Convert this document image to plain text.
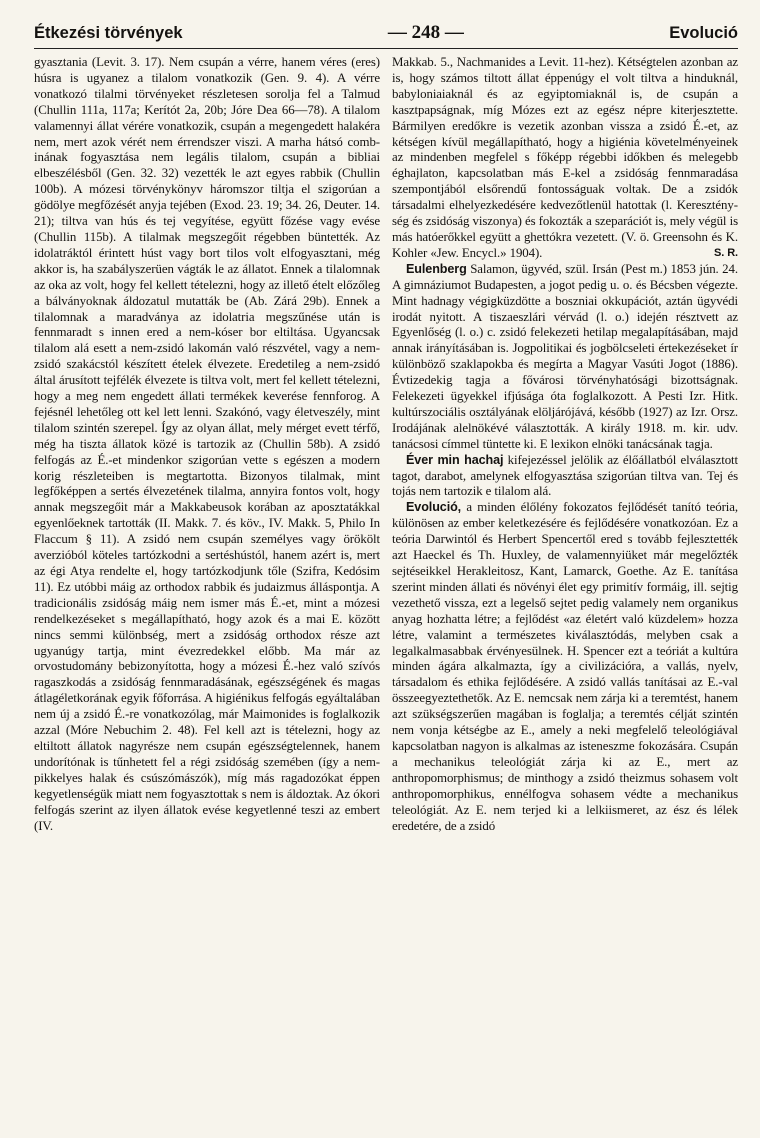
Étkezési törvények	— 248 —	Evolució

gyasztania (Levit. 3. 17). Nem csupán a vérre, hanem véres (eres) húsra is ugyanez a tilalom vonatkozik (Gen. 9. 4). A vérre vonatkozó tilalmi törvényeket részletesen sorolja fel a Talmud (Chullin 111a, 117a; Kerítót 2a, 20b; Jóre Dea 66—78). A tilalom valamennyi állat vérére vonatkozik, csupán a megengedett halakéra nem, mert azok vérét nem érrendszer viszi. A marha hátsó comb-inának fogyasztása nem legális tilalom, csupán a bibliai elbeszélésből (Gen. 32. 32) vezették le azt egyes rabbik (Chullin 100b). A mózesi törvénykönyv háromszor tiltja el szigorúan a gödölye megfőzését anyja tejében (Exod. 23. 19; 34. 26, Deuter. 14. 21); tiltva van hús és tej vegyítése, együtt főzése vagy evése (Chullin 115b). A tilalmak megszegőit régebben büntették. Az idolatráktól érintett húst vagy bort tilos volt elfogyasztani, még akkor is, ha szabályszerüen vágták le az állatot. Ennek a tilalomnak az oka az volt, hogy fel kellett tételezni, hogy az illető ételt előzőleg a bálványoknak áldozatul mutatták be (Ab. Zárá 29b). Ennek a tilalomnak a maradványa az idolatria megszűnése után is fennmaradt s innen ered a nem-kóser bor eltiltása. Ugyancsak tilalom alá esett a nem-zsidó lakomán való részvétel, vagy a nem-zsidó szakácstól készített ételek élvezete. Eredetileg a nem-zsidó által árusított tejfélék élvezete is tiltva volt, mert fel kellett tételezni, hogy a meg nem engedett állati termékek keverése fennforog. A fejésnél lehetőleg ott kel lett lenni. Szakónó, vagy életveszély, mint tilalom szintén szerepel. Így az olyan állat, mely mérget evett térfő, még ha tiszta állatok közé is tartozik az (Chullin 58b). A zsidó felfogás az É.-et mindenkor szigorúan vette s egészen a modern korig részleteiben is megtartotta. Bizonyos tilalmak, mint legfőképpen a sertés élvezetének tilalma, annyira fontos volt, hogy annak megszegőit már a Makkabeusok korában az aposztatákkal egyenlőeknek tartották (II. Makk. 7. és köv., IV. Makk. 5, Philo In Flaccum § 11). A zsidó nem csupán személyes vagy örökölt averzióból köteles tartózkodni a sertéshústól, hanem azért is, mert az égi Atya rendelte el, hogy tartózkodjunk tőle (Szifra, Kedósim 11). Ez utóbbi máig az orthodox rabbik és judaizmus álláspontja. A tradicionális zsidóság máig nem ismer más É.-et, mint a mózesi rendelkezéseket s megállapítható, hogy azok és a mai E. között nincs semmi különbség, mert a zsidóság orthodox része azt ugyanúgy tartja, mint évezredekkel előbb. Ma már az orvostudomány bebizonyította, hogy a mózesi É.-hez való szívós ragaszkodás a zsidóság fennmaradásának, egészségének és magas átlagéletkorának egyik főforrása. A higiénikus felfogás egyáltalában nem új a zsidó É.-re vonatkozólag, már Maimonides is foglalkozik azzal (Móre Nebuchim 2. 48). Fel kell azt is tételezni, hogy az eltiltott állatok nagyrésze nem csupán egészségtelennek, hanem undorítónak is tűnhetett fel a régi zsidóság szemében (így a nem-pikkelyes halak és csúszómászók), míg más ragadozókat éppen kegyetlenségük miatt nem fogyasztottak s nem is áldoztak. Az ókori felfogás szerint az ilyen állatok evése kegyetlenné teszi az embert (IV.

Makkab. 5., Nachmanides a Levit. 11-hez). Kétségtelen azonban az is, hogy számos tiltott állat éppenúgy el volt tiltva a hinduknál, babyloniaiaknál és az egyiptomiaknál is, de csupán a kasztpapságnak, míg Mózes ezt az egész népre kiterjesztette. Bármilyen eredőkre is vezetik azonban vissza a zsidó É.-et, az kétségen kívül megállapítható, hogy a higiénia követelményeinek az mindenben megfelel s főképp régebbi időkben és melegebb éghajlaton, kapcsolatban más E-kel a zsidóság fennmaradása szempontjából elsőrendű fontosságuak voltak. De a zsidók társadalmi elhelyezkedésére kedvezőtlenül hatottak (l. Kereszténység és zsidóság viszonya) és fokozták a szeparációt is, mely végül is más hatóerőkkel együtt a ghettókra vezetett. (V. ö. Greensohn és K. Kohler «Jew. Encycl.» 1904).	S. R.

Eulenberg Salamon, ügyvéd, szül. Irsán (Pest m.) 1853 jún. 24. A gimnáziumot Budapesten, a jogot pedig u. o. és Bécsben végezte. Mint hadnagy végigküzdötte a boszniai okkupációt, aztán ügyvédi irodát nyitott. A tiszaeszlári vérvád (l. o.) idején résztvett az Egyenlőség (l. o.) c. zsidó felekezeti hetilap megalapításában, majd annak irányításában is. Jogpolitikai és jogbölcseleti értekezéseket ír különböző szaklapokba és megírta a Magyar Vasúti Jogot (1886). Évtizedekig tagja a fővárosi törvényhatósági bizottságnak. Felekezeti ügyekkel ifjúsága óta foglalkozott. A Pesti Izr. Hitk. kultúrszociális osztályának elöljárójává, később (1927) az Izr. Orsz. Irodájának alelnökévé választották. A király 1918. m. kir. udv. tanácsosi címmel tüntette ki. E lexikon elnöki tanácsának tagja.

Éver min hachaj kifejezéssel jelölik az élőállatból elválasztott tagot, darabot, amelynek elfogyasztása szigorúan tiltva van. Tej és tojás nem tartozik e tilalom alá.

Evolució, a minden élőlény fokozatos fejlődését tanító teória, különösen az ember keletkezésére és fejlődésére vonatkozóan. Ez a teória Darwintól és Herbert Spencertől ered s tovább fejlesztették azt Haeckel és Th. Huxley, de valamennyiüket már megelőzték sejtéseikkel Herakleitosz, Kant, Lamarck, Goethe. Az E. tanítása szerint minden állati és növényi élet egy primitív formáig, ill. sejtig vezethető vissza, ezt a legelső sejtet pedig valamely nem organikus anyag hozhatta létre; a fejlődést «az életért való küzdelem» hozza létre, valamint a természetes kiválasztódás, melyben csak a legalkalmasabbak érvényesülnek. H. Spencer ezt a teóriát a kultúra minden ágára alkalmazta, így a civilizációra, a vallás, nyelv, társadalom és ethika fejlődésére. A zsidó vallás tanításai az E.-val összeegyeztethetők. Az E. nemcsak nem zárja ki a teremtést, hanem azt szükségszerűen magában is foglalja; a teremtés célját szintén nem vonja kétségbe az E., amely a neki megfelelő teleológiával kapcsolatban nagyon is alkalmas az isteneszme fokozására. Csupán a mechanikus teleológiát zárja ki az E., mert az anthropomorphismus; de minthogy a zsidó theizmus sohasem volt anthropomorphikus, ennélfogva sohasem védte a mechanikus teleológiát. Az E. nem terjed ki a lelkiismeret, az ész és lélek eredetére, de a zsidó
